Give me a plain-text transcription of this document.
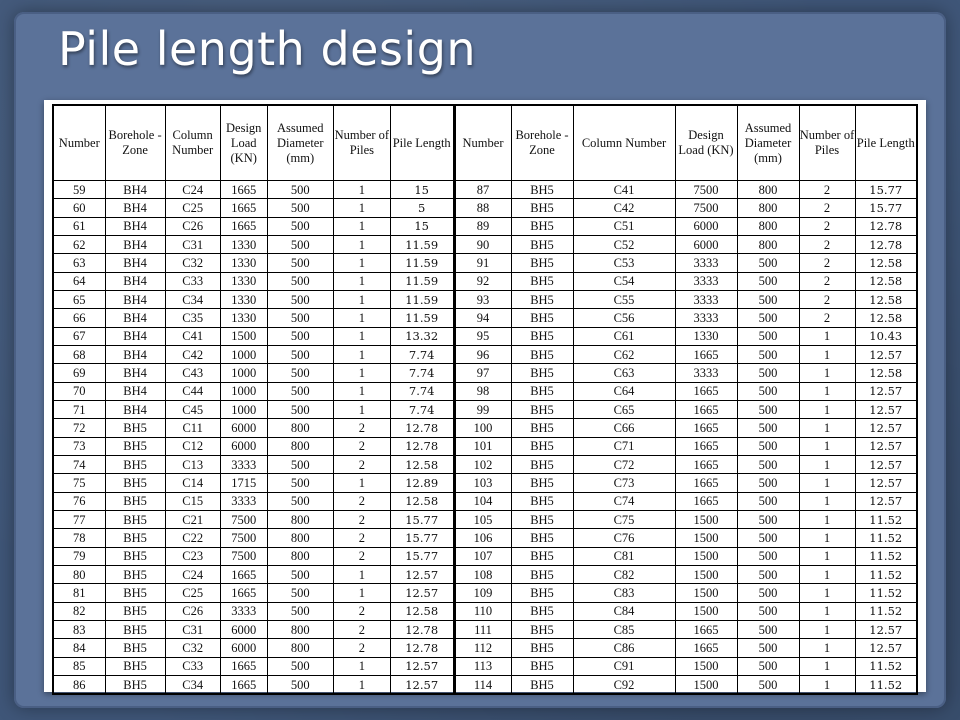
Pile length design
Number	Borehole -Zone	Column Number	Design Load (KN)	Assumed Diameter (mm)	Number of Piles	Pile Length
59	BH4	C24	1665	500	1	15
60	BH4	C25	1665	500	1	5
61	BH4	C26	1665	500	1	15
62	BH4	C31	1330	500	1	11.59
63	BH4	C32	1330	500	1	11.59
64	BH4	C33	1330	500	1	11.59
65	BH4	C34	1330	500	1	11.59
66	BH4	C35	1330	500	1	11.59
67	BH4	C41	1500	500	1	13.32
68	BH4	C42	1000	500	1	7.74
69	BH4	C43	1000	500	1	7.74
70	BH4	C44	1000	500	1	7.74
71	BH4	C45	1000	500	1	7.74
72	BH5	C11	6000	800	2	12.78
73	BH5	C12	6000	800	2	12.78
74	BH5	C13	3333	500	2	12.58
75	BH5	C14	1715	500	1	12.89
76	BH5	C15	3333	500	2	12.58
77	BH5	C21	7500	800	2	15.77
78	BH5	C22	7500	800	2	15.77
79	BH5	C23	7500	800	2	15.77
80	BH5	C24	1665	500	1	12.57
81	BH5	C25	1665	500	1	12.57
82	BH5	C26	3333	500	2	12.58
83	BH5	C31	6000	800	2	12.78
84	BH5	C32	6000	800	2	12.78
85	BH5	C33	1665	500	1	12.57
86	BH5	C34	1665	500	1	12.57
Number	Borehole -Zone	Column Number	Design Load (KN)	Assumed Diameter (mm)	Number of Piles	Pile Length
87	BH5	C41	7500	800	2	15.77
88	BH5	C42	7500	800	2	15.77
89	BH5	C51	6000	800	2	12.78
90	BH5	C52	6000	800	2	12.78
91	BH5	C53	3333	500	2	12.58
92	BH5	C54	3333	500	2	12.58
93	BH5	C55	3333	500	2	12.58
94	BH5	C56	3333	500	2	12.58
95	BH5	C61	1330	500	1	10.43
96	BH5	C62	1665	500	1	12.57
97	BH5	C63	3333	500	1	12.58
98	BH5	C64	1665	500	1	12.57
99	BH5	C65	1665	500	1	12.57
100	BH5	C66	1665	500	1	12.57
101	BH5	C71	1665	500	1	12.57
102	BH5	C72	1665	500	1	12.57
103	BH5	C73	1665	500	1	12.57
104	BH5	C74	1665	500	1	12.57
105	BH5	C75	1500	500	1	11.52
106	BH5	C76	1500	500	1	11.52
107	BH5	C81	1500	500	1	11.52
108	BH5	C82	1500	500	1	11.52
109	BH5	C83	1500	500	1	11.52
110	BH5	C84	1500	500	1	11.52
111	BH5	C85	1665	500	1	12.57
112	BH5	C86	1665	500	1	12.57
113	BH5	C91	1500	500	1	11.52
114	BH5	C92	1500	500	1	11.52
